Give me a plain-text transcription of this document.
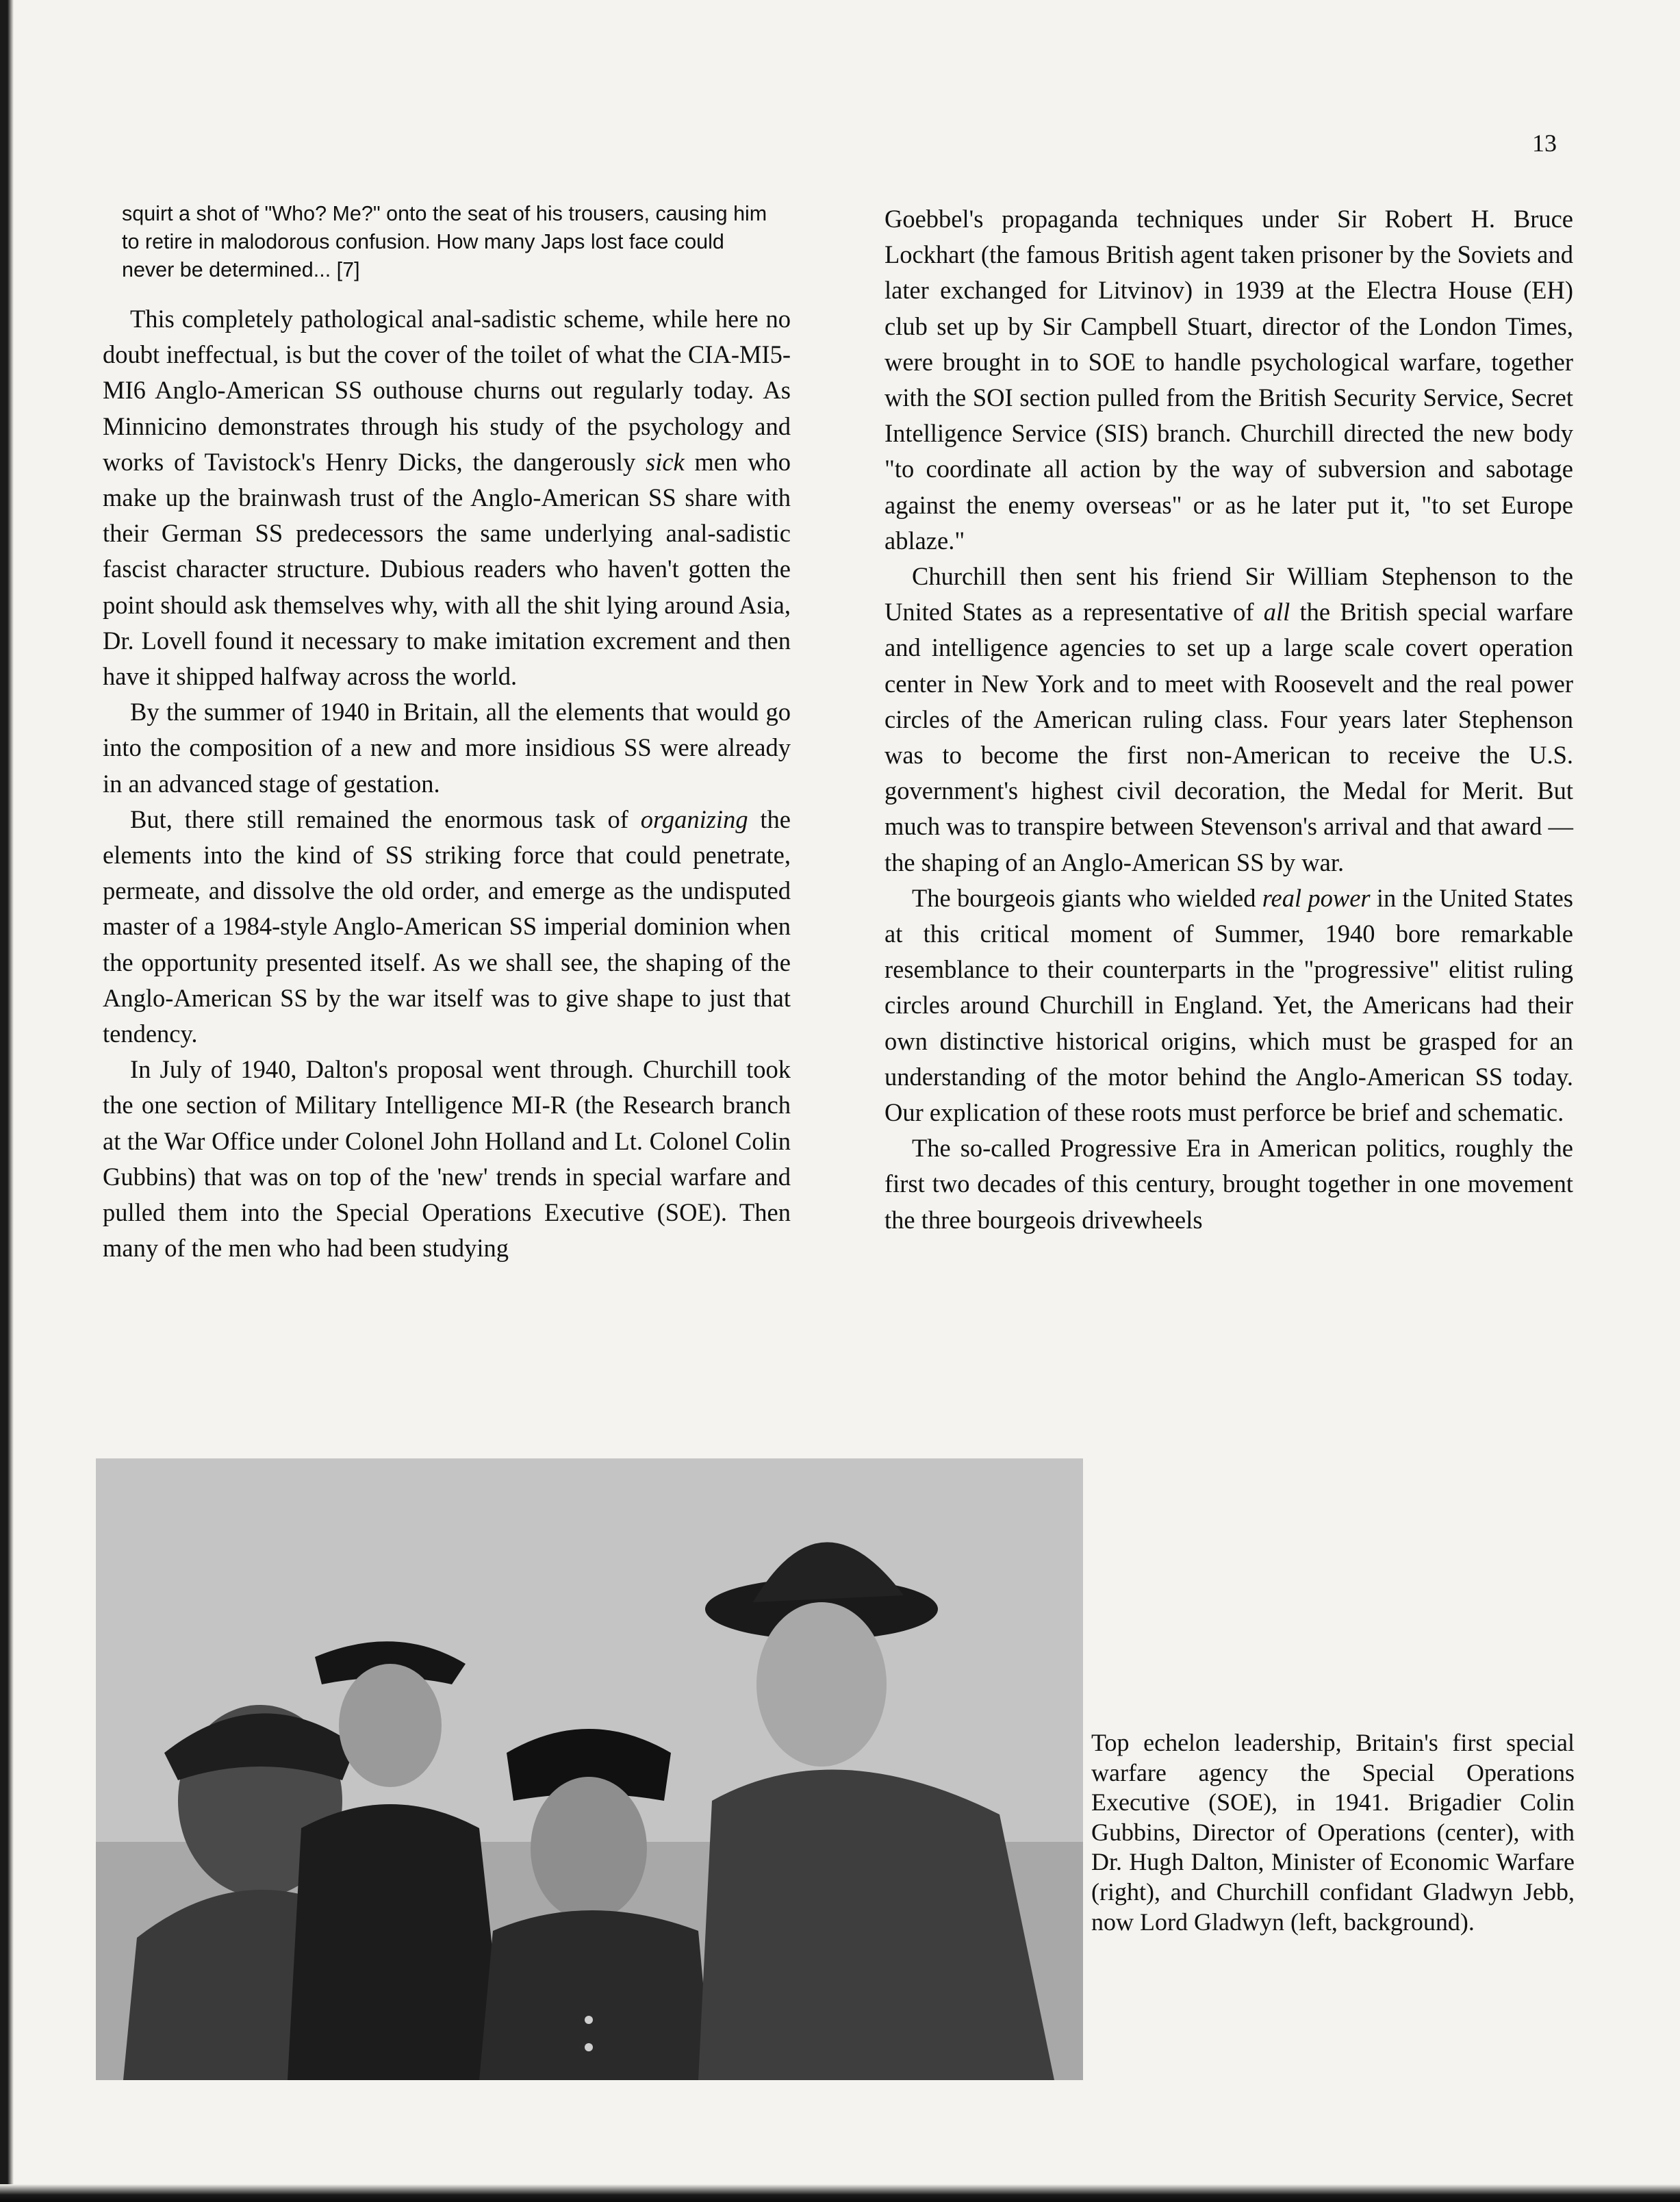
13
squirt a shot of "Who? Me?" onto the seat of his trousers, causing him to retire in malodorous confusion. How many Japs lost face could never be determined... [7]

This completely pathological anal-sadistic scheme, while here no doubt ineffectual, is but the cover of the toilet of what the CIA-MI5-MI6 Anglo-American SS outhouse churns out regularly today. As Minnicino demonstrates through his study of the psychology and works of Tavistock's Henry Dicks, the dangerously sick men who make up the brainwash trust of the Anglo-American SS share with their German SS predecessors the same underlying anal-sadistic fascist character structure. Dubious readers who haven't gotten the point should ask themselves why, with all the shit lying around Asia, Dr. Lovell found it necessary to make imitation excrement and then have it shipped halfway across the world.

By the summer of 1940 in Britain, all the elements that would go into the composition of a new and more insidious SS were already in an advanced stage of gestation.

But, there still remained the enormous task of organizing the elements into the kind of SS striking force that could penetrate, permeate, and dissolve the old order, and emerge as the undisputed master of a 1984-style Anglo-American SS imperial dominion when the opportunity presented itself. As we shall see, the shaping of the Anglo-American SS by the war itself was to give shape to just that tendency.

In July of 1940, Dalton's proposal went through. Churchill took the one section of Military Intelligence MI-R (the Research branch at the War Office under Colonel John Holland and Lt. Colonel Colin Gubbins) that was on top of the 'new' trends in special warfare and pulled them into the Special Operations Executive (SOE). Then many of the men who had been studying

Goebbel's propaganda techniques under Sir Robert H. Bruce Lockhart (the famous British agent taken prisoner by the Soviets and later exchanged for Litvinov) in 1939 at the Electra House (EH) club set up by Sir Campbell Stuart, director of the London Times, were brought in to SOE to handle psychological warfare, together with the SOI section pulled from the British Security Service, Secret Intelligence Service (SIS) branch. Churchill directed the new body "to coordinate all action by the way of subversion and sabotage against the enemy overseas" or as he later put it, "to set Europe ablaze."

Churchill then sent his friend Sir William Stephenson to the United States as a representative of all the British special warfare and intelligence agencies to set up a large scale covert operation center in New York and to meet with Roosevelt and the real power circles of the American ruling class. Four years later Stephenson was to become the first non-American to receive the U.S. government's highest civil decoration, the Medal for Merit. But much was to transpire between Stevenson's arrival and that award — the shaping of an Anglo-American SS by war.

The bourgeois giants who wielded real power in the United States at this critical moment of Summer, 1940 bore remarkable resemblance to their counterparts in the "progressive" elitist ruling circles around Churchill in England. Yet, the Americans had their own distinctive historical origins, which must be grasped for an understanding of the motor behind the Anglo-American SS today. Our explication of these roots must perforce be brief and schematic.

The so-called Progressive Era in American politics, roughly the first two decades of this century, brought together in one movement the three bourgeois drivewheels

Top echelon leadership, Britain's first special warfare agency the Special Operations Executive (SOE), in 1941. Brigadier Colin Gubbins, Director of Operations (center), with Dr. Hugh Dalton, Minister of Economic Warfare (right), and Churchill confidant Gladwyn Jebb, now Lord Gladwyn (left, background).
